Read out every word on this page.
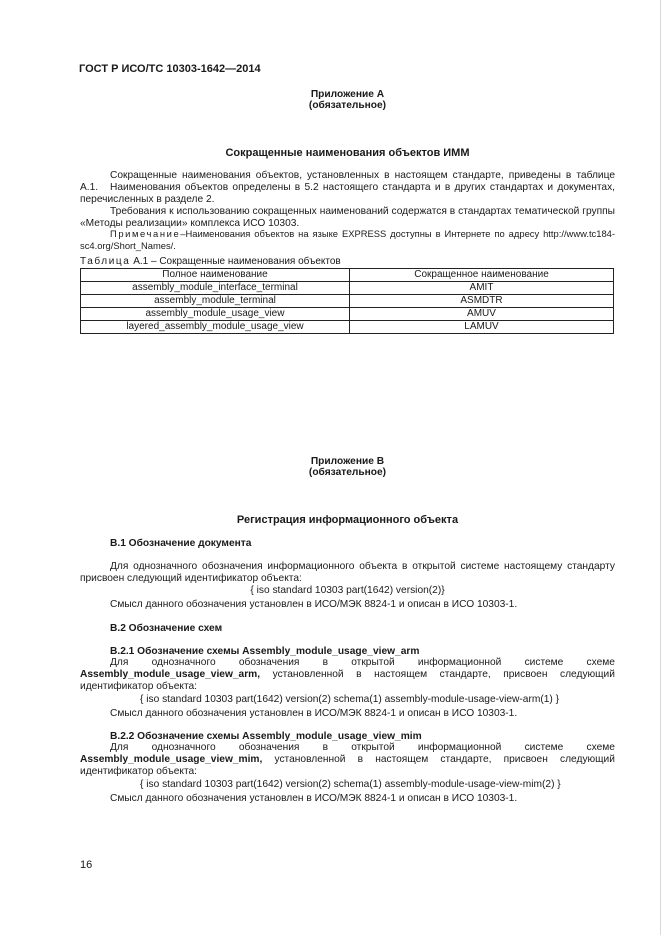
ГОСТ Р ИСО/ТС 10303-1642—2014
Приложение А
(обязательное)
Сокращенные наименования объектов ИММ
Сокращенные наименования объектов, установленных в настоящем стандарте, приведены в таблице А.1.	Наименования объектов определены в 5.2 настоящего стандарта и в других стандартах и документах, перечисленных в разделе 2.
Требования к использованию сокращенных наименований содержатся в стандартах тематической группы «Методы реализации» комплекса ИСО 10303.
Примечание–Наименования объектов на языке EXPRESS доступны в Интернете по адресу http://www.tc184-sc4.org/Short_Names/.
Таблица А.1 – Сокращенные наименования объектов
Полное наименование	Сокращенное наименование
assembly_module_interface_terminal	AMIT
assembly_module_terminal	ASMDTR
assembly_module_usage_view	AMUV
layered_assembly_module_usage_view	LAMUV
Приложение В
(обязательное)
Регистрация информационного объекта
В.1 Обозначение документа
Для однозначного обозначения информационного объекта в открытой системе настоящему стандарту присвоен следующий идентификатор объекта:
{ iso standard 10303 part(1642) version(2)}
Смысл данного обозначения установлен в ИСО/МЭК 8824-1 и описан в ИСО 10303-1.
В.2 Обозначение схем
В.2.1 Обозначение схемы Assembly_module_usage_view_arm
Для однозначного обозначения в открытой информационной системе схеме
Assembly_module_usage_view_arm, установленной в настоящем стандарте, присвоен следующий
идентификатор объекта:
{ iso standard 10303 part(1642) version(2) schema(1) assembly-module-usage-view-arm(1) }
Смысл данного обозначения установлен в ИСО/МЭК 8824-1 и описан в ИСО 10303-1.
В.2.2 Обозначение схемы Assembly_module_usage_view_mim
Для однозначного обозначения в открытой информационной системе схеме
Assembly_module_usage_view_mim, установленной в настоящем стандарте, присвоен следующий
идентификатор объекта:
{ iso standard 10303 part(1642) version(2) schema(1) assembly-module-usage-view-mim(2) }
Смысл данного обозначения установлен в ИСО/МЭК 8824-1 и описан в ИСО 10303-1.
16
